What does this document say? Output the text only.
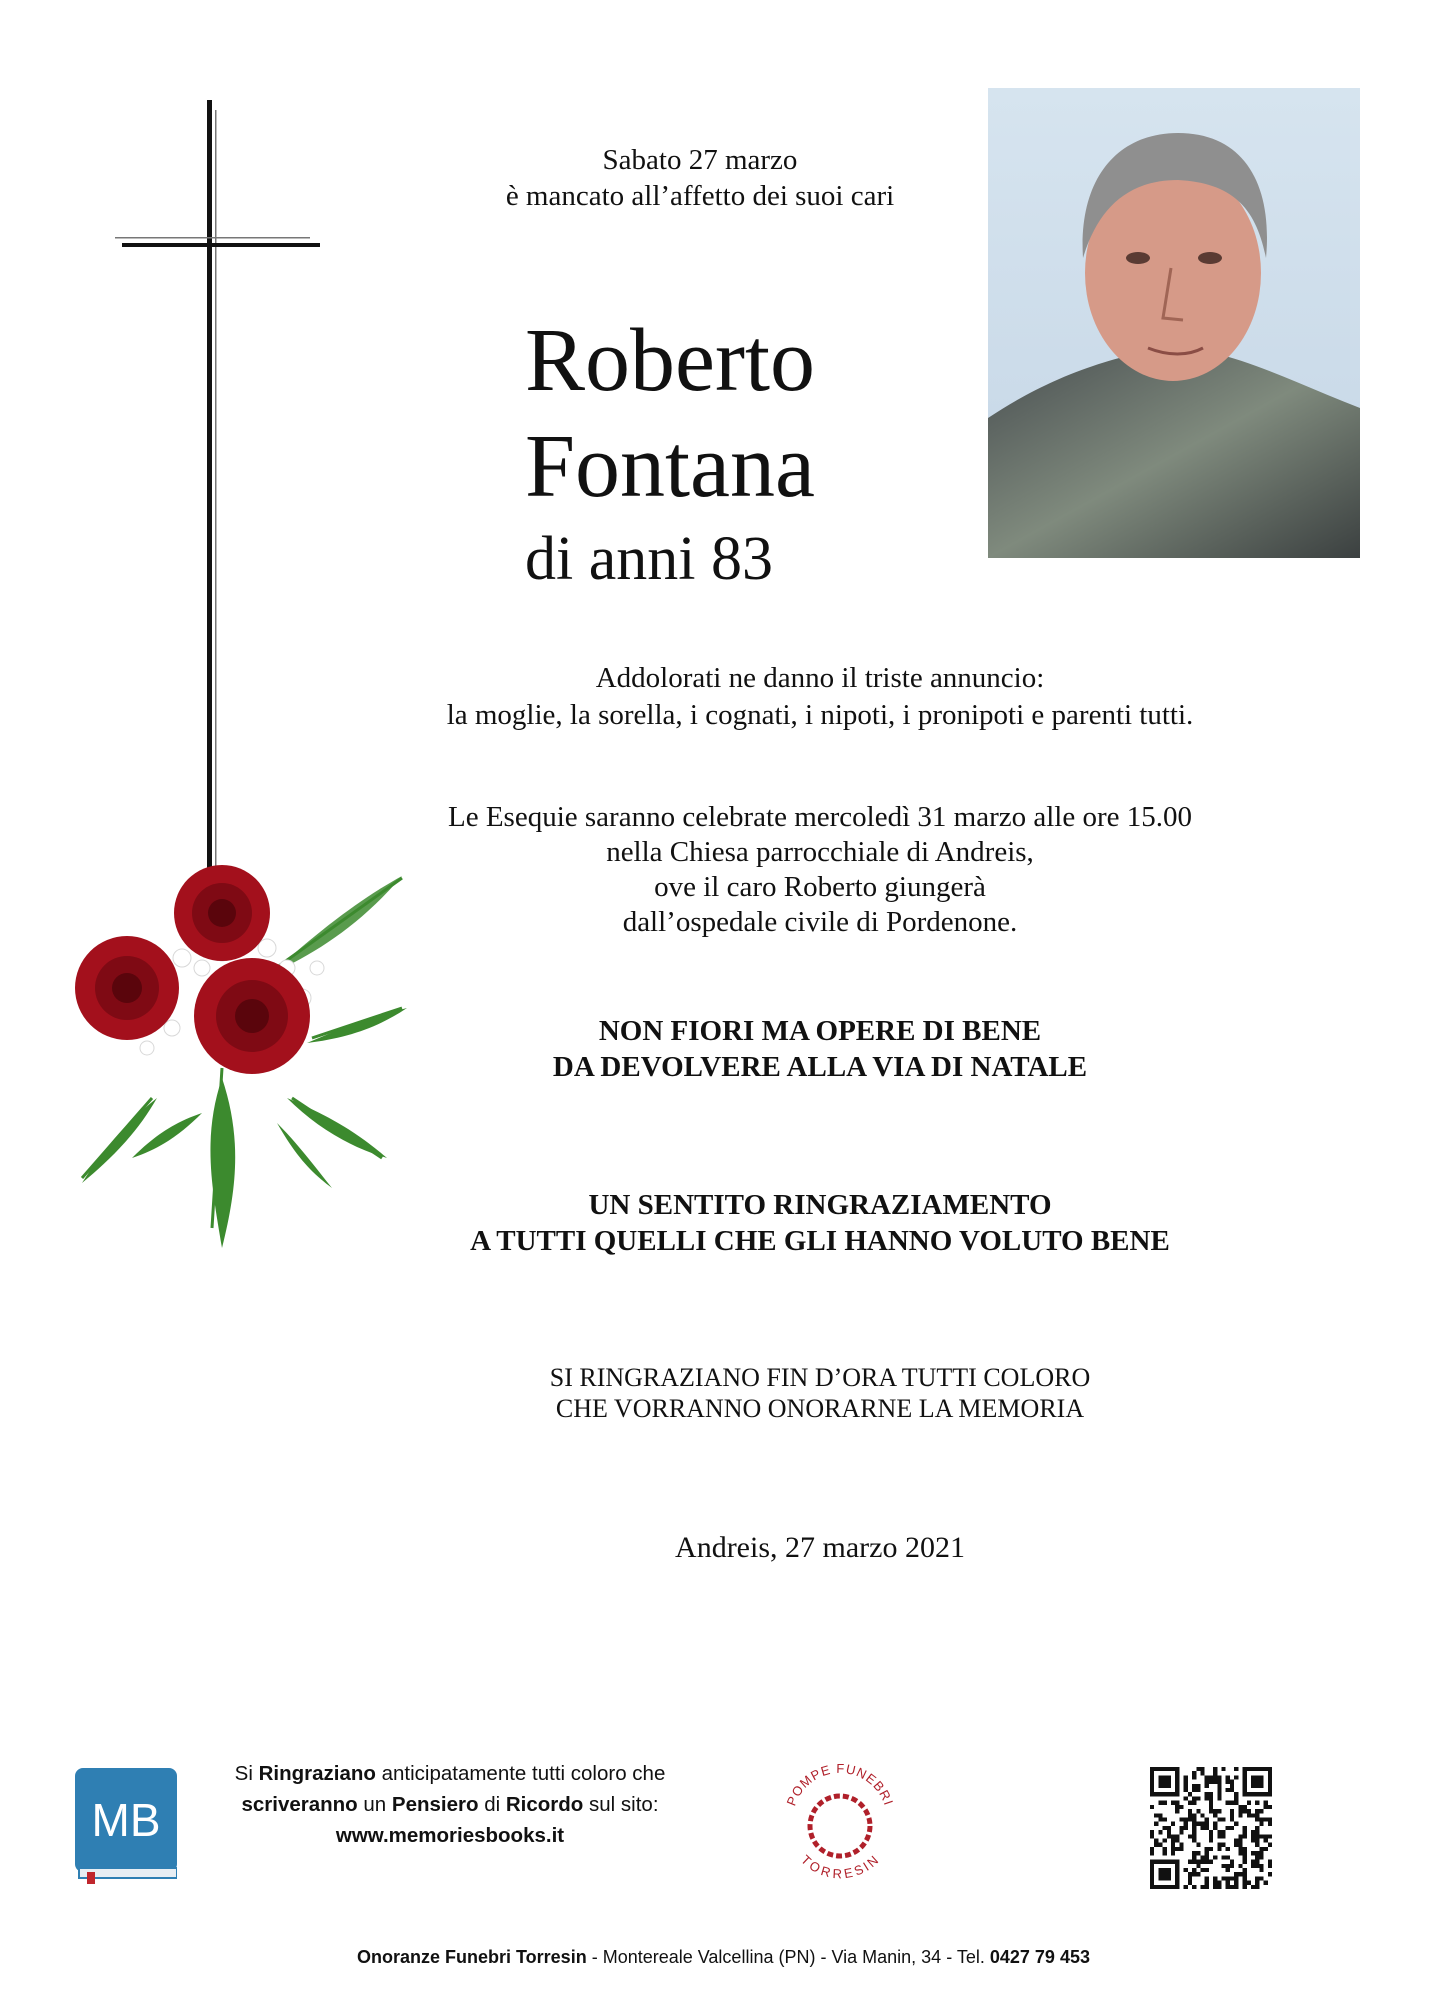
Sabato 27 marzo
è mancato all’affetto dei suoi cari
Roberto
Fontana
di anni 83
Addolorati ne danno il triste annuncio:
la moglie, la sorella, i cognati, i nipoti, i pronipoti e parenti tutti.
Le Esequie saranno celebrate mercoledì 31 marzo alle ore 15.00
nella Chiesa parrocchiale di Andreis,
ove il caro Roberto giungerà
dall’ospedale civile di Pordenone.
NON FIORI MA OPERE DI BENE
DA DEVOLVERE ALLA VIA DI NATALE
UN SENTITO RINGRAZIAMENTO
A TUTTI QUELLI CHE GLI HANNO VOLUTO BENE
SI RINGRAZIANO FIN D’ORA TUTTI COLORO
CHE VORRANNO ONORARNE LA MEMORIA
Andreis, 27 marzo 2021
MB
Si Ringraziano anticipatamente tutti coloro che
scriveranno un Pensiero di Ricordo sul sito:
www.memoriesbooks.it
POMPE FUNEBRI
TORRESIN
Onoranze Funebri Torresin - Montereale Valcellina (PN) - Via Manin, 34 - Tel. 0427 79 453
